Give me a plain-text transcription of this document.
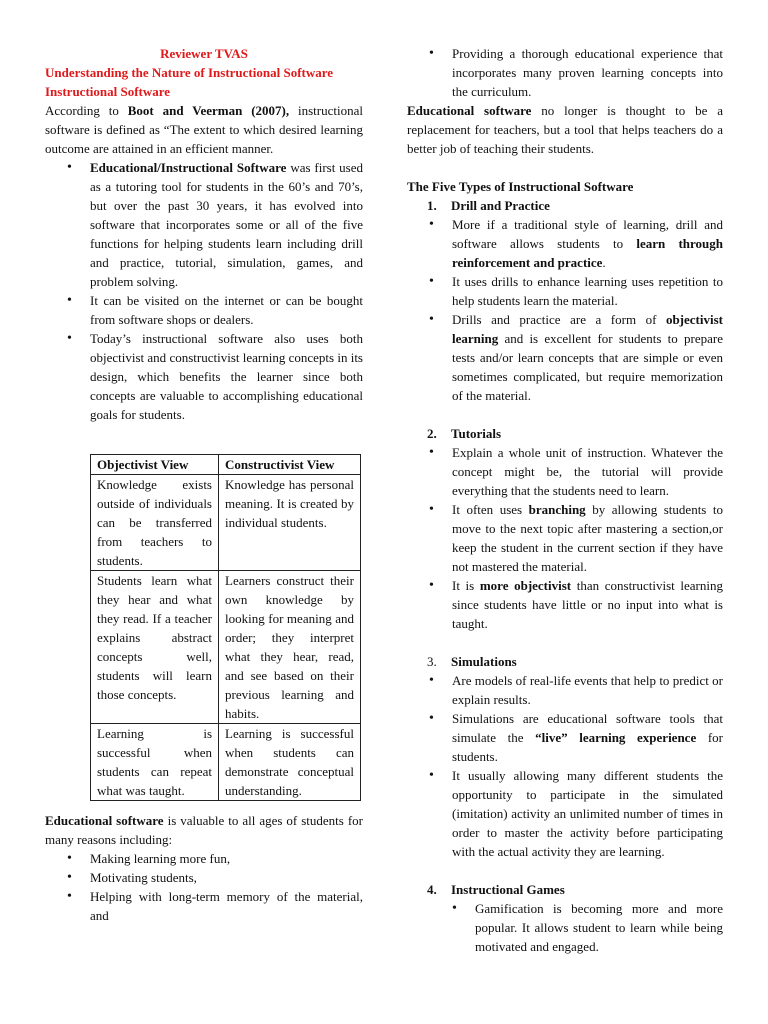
Reviewer TVAS

Understanding the Nature of Instructional Software

Instructional Software

According to Boot and Veerman (2007), instructional software is defined as “The extent to which desired learning outcome are attained in an efficient manner.

• Educational/Instructional Software was first used as a tutoring tool for students in the 60’s and 70’s, but over the past 30 years, it has evolved into software that incorporates some or all of the five functions for helping students learn including drill and practice, tutorial, simulation, games, and problem solving.
• It can be visited on the internet or can be bought from software shops or dealers.
• Today’s instructional software also uses both objectivist and constructivist learning concepts in its design, which benefits the learner since both concepts are valuable to accomplishing educational goals for students.
Objectivist View	Constructivist View
Knowledge exists outside of individuals can be transferred from teachers to students.	Knowledge has personal meaning. It is created by individual students.
Students learn what they hear and what they read. If a teacher explains abstract concepts well, students will learn those concepts.	Learners construct their own knowledge by looking for meaning and order; they interpret what they hear, read, and see based on their previous learning and habits.
Learning is successful when students can repeat what was taught.	Learning is successful when students can demonstrate conceptual understanding.

Educational software is valuable to all ages of students for many reasons including:

• Making learning more fun,
• Motivating students,
• Helping with long-term memory of the material, and
• Providing a thorough educational experience that incorporates many proven learning concepts into the curriculum.

Educational software no longer is thought to be a replacement for teachers, but a tool that helps teachers do a better job of teaching their students.

The Five Types of Instructional Software

1. Drill and Practice
• More if a traditional style of learning, drill and software allows students to learn through reinforcement and practice.
• It uses drills to enhance learning uses repetition to help students learn the material.
• Drills and practice are a form of objectivist learning and is excellent for students to prepare tests and/or learn concepts that are simple or even sometimes complicated, but require memorization of the material.
2. Tutorials
• Explain a whole unit of instruction. Whatever the concept might be, the tutorial will provide everything that the students need to learn.
• It often uses branching by allowing students to move to the next topic after mastering a section,or keep the student in the current section if they have not mastered the material.
• It is more objectivist than constructivist learning since students have little or no input into what is taught.
3. Simulations
• Are models of real-life events that help to predict or explain results.
• Simulations are educational software tools that simulate the “live” learning experience for students.
• It usually allowing many different students the opportunity to participate in the simulated (imitation) activity an unlimited number of times in order to master the activity before participating with the actual activity they are learning.
4. Instructional Games
• Gamification is becoming more and more popular. It allows student to learn while being motivated and engaged.
